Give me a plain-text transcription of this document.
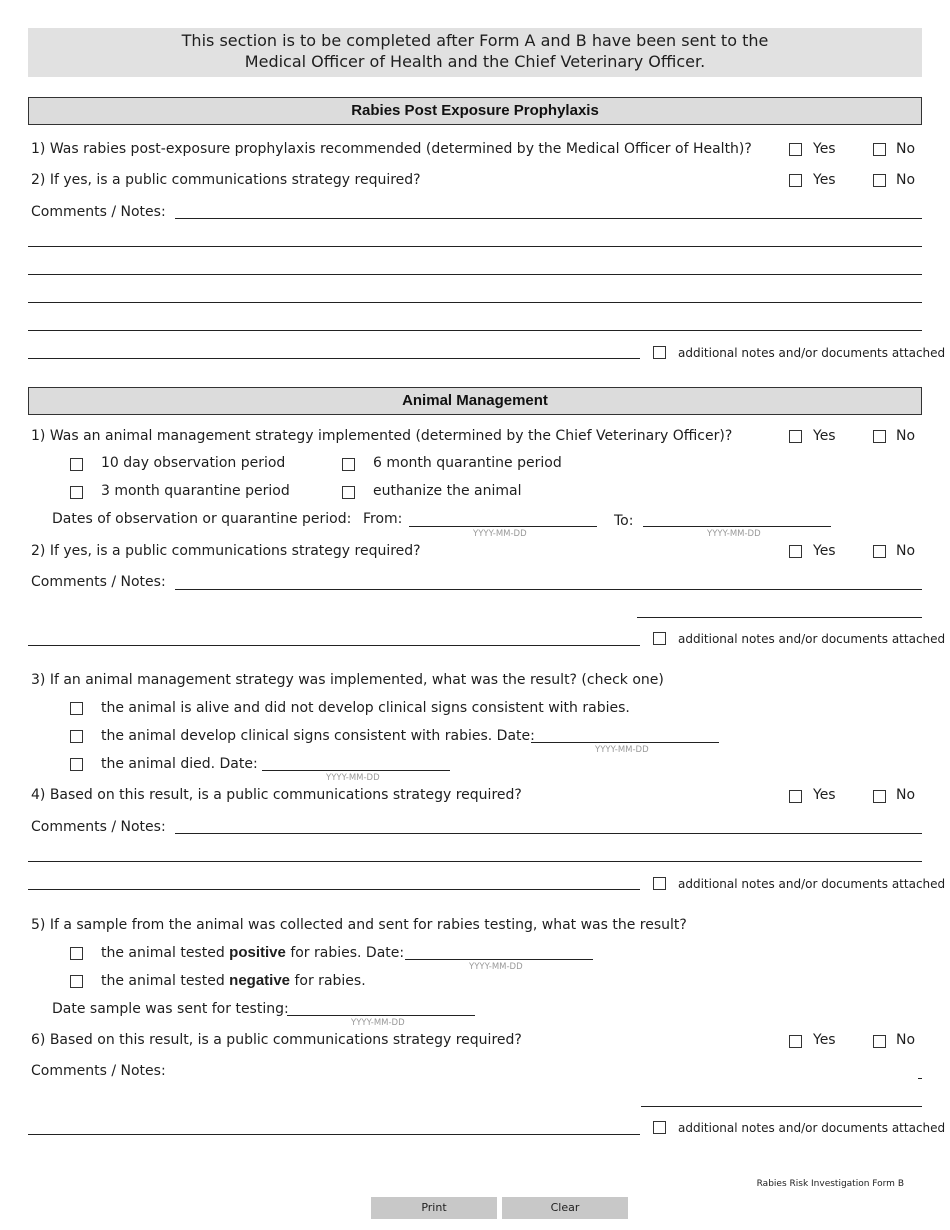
This section is to be completed after Form A and B have been sent to the
Medical Officer of Health and the Chief Veterinary Officer.
Rabies Post Exposure Prophylaxis
1) Was rabies post-exposure prophylaxis recommended (determined by the Medical Officer of Health)?	Yes	No
2) If yes, is a public communications strategy required?	Yes	No
Comments / Notes:
additional notes and/or documents attached
Animal Management
1) Was an animal management strategy implemented (determined by the Chief Veterinary Officer)?	Yes	No
10 day observation period	6 month quarantine period
3 month quarantine period	euthanize the animal
Dates of observation or quarantine period: From:
YYYY-MM-DD
To:
YYYY-MM-DD
2) If yes, is a public communications strategy required?	Yes	No
Comments / Notes:
additional notes and/or documents attached
3) If an animal management strategy was implemented, what was the result? (check one)
the animal is alive and did not develop clinical signs consistent with rabies.
the animal develop clinical signs consistent with rabies. Date:
YYYY-MM-DD
the animal died. Date:
YYYY-MM-DD
4) Based on this result, is a public communications strategy required?	Yes	No
Comments / Notes:
additional notes and/or documents attached
5) If a sample from the animal was collected and sent for rabies testing, what was the result?
the animal tested positive for rabies. Date:
YYYY-MM-DD
the animal tested negative for rabies.
Date sample was sent for testing:
YYYY-MM-DD
6) Based on this result, is a public communications strategy required?	Yes	No
Comments / Notes:
additional notes and/or documents attached
Rabies Risk Investigation Form B
Print	Clear
